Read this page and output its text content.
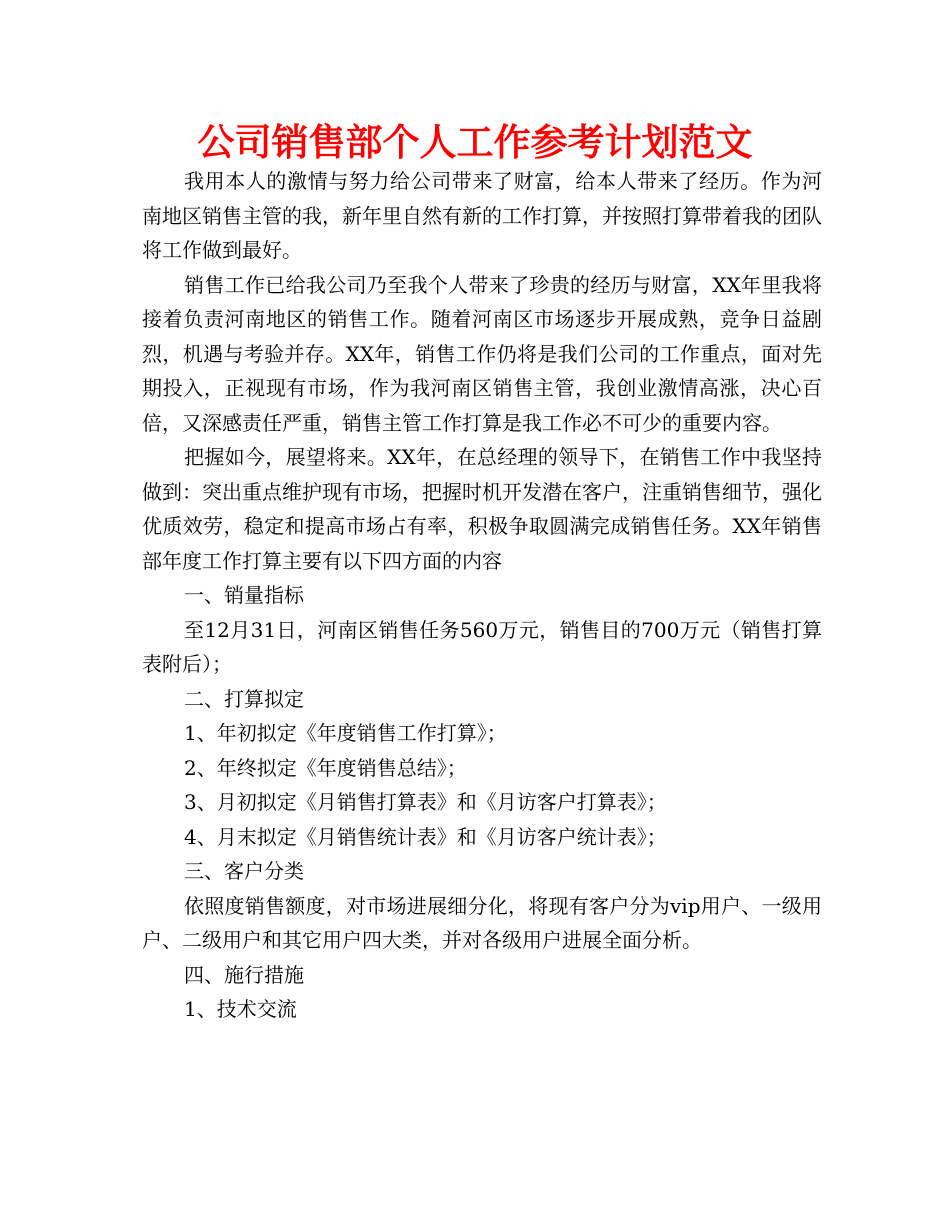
公司销售部个人工作参考计划范文

我用本人的激情与努力给公司带来了财富，给本人带来了经历。作为河南地区销售主管的我，新年里自然有新的工作打算，并按照打算带着我的团队将工作做到最好。

销售工作已给我公司乃至我个人带来了珍贵的经历与财富，XX年里我将接着负责河南地区的销售工作。随着河南区市场逐步开展成熟，竞争日益剧烈，机遇与考验并存。XX年，销售工作仍将是我们公司的工作重点，面对先期投入，正视现有市场，作为我河南区销售主管，我创业激情高涨，决心百倍，又深感责任严重，销售主管工作打算是我工作必不可少的重要内容。

把握如今，展望将来。XX年，在总经理的领导下，在销售工作中我坚持做到：突出重点维护现有市场，把握时机开发潜在客户，注重销售细节，强化优质效劳，稳定和提高市场占有率，积极争取圆满完成销售任务。XX年销售部年度工作打算主要有以下四方面的内容

一、销量指标

至12月31日，河南区销售任务560万元，销售目的700万元（销售打算表附后）；

二、打算拟定

1、年初拟定《年度销售工作打算》；

2、年终拟定《年度销售总结》；

3、月初拟定《月销售打算表》和《月访客户打算表》；

4、月末拟定《月销售统计表》和《月访客户统计表》；

三、客户分类

依照度销售额度，对市场进展细分化，将现有客户分为vip用户、一级用户、二级用户和其它用户四大类，并对各级用户进展全面分析。

四、施行措施

1、技术交流
